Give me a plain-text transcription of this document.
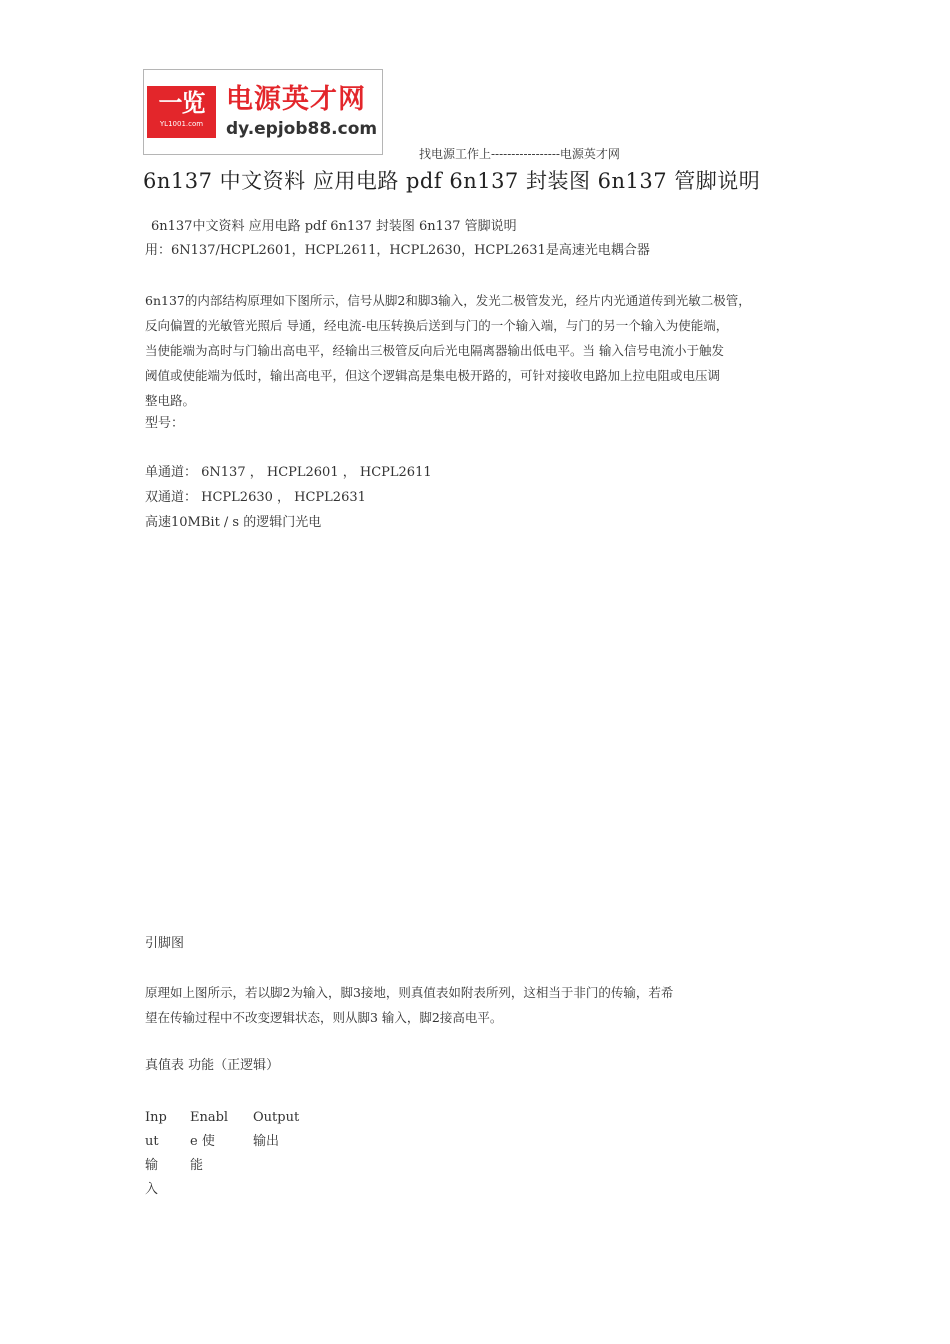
一览
YL1001.com
电源英才网
dy.epjob88.com
找电源工作上-----------------电源英才网
6n137 中文资料 应用电路 pdf 6n137 封装图 6n137 管脚说明
6n137中文资料 应用电路 pdf 6n137 封装图 6n137 管脚说明
用：6N137/HCPL2601，HCPL2611，HCPL2630，HCPL2631是高速光电耦合器
6n137的内部结构原理如下图所示，信号从脚2和脚3输入，发光二极管发光，经片内光通道传到光敏二极管，
反向偏置的光敏管光照后 导通，经电流-电压转换后送到与门的一个输入端，与门的另一个输入为使能端，
当使能端为高时与门输出高电平，经输出三极管反向后光电隔离器输出低电平。当 输入信号电流小于触发
阈值或使能端为低时，输出高电平，但这个逻辑高是集电极开路的，可针对接收电路加上拉电阻或电压调
整电路。
型号：
单通道： 6N137 ， HCPL2601 ， HCPL2611
双通道： HCPL2630 ， HCPL2631
高速10MBit / s 的逻辑门光电
引脚图
原理如上图所示，若以脚2为输入，脚3接地，则真值表如附表所列，这相当于非门的传输，若希
望在传输过程中不改变逻辑状态，则从脚3 输入，脚2接高电平。
真值表 功能（正逻辑）
Inp
ut
输
入
Enabl
e 使
能
Output
输出
